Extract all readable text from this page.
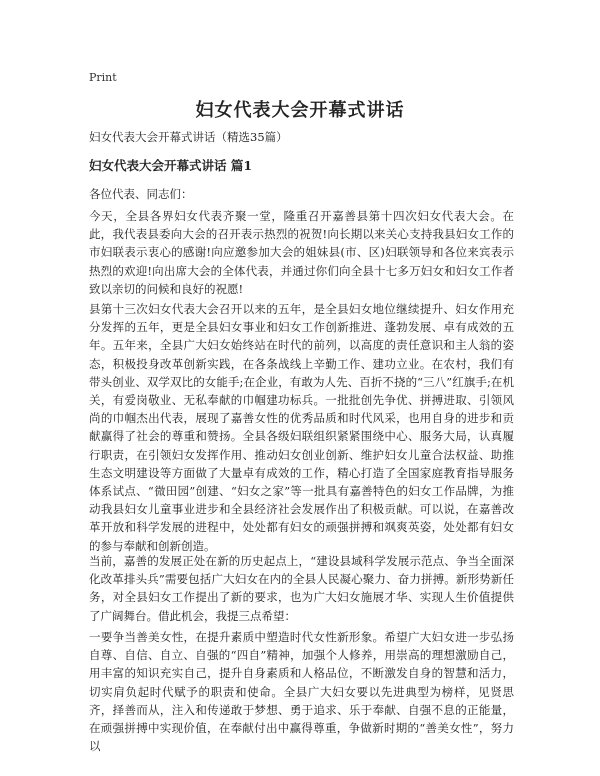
Print
妇女代表大会开幕式讲话
妇女代表大会开幕式讲话（精选35篇）
妇女代表大会开幕式讲话 篇1
各位代表、同志们：

今天，全县各界妇女代表齐聚一堂，隆重召开嘉善县第十四次妇女代表大会。在此，我代表县委向大会的召开表示热烈的祝贺!向长期以来关心支持我县妇女工作的市妇联表示衷心的感谢!向应邀参加大会的姐妹县(市、区)妇联领导和各位来宾表示热烈的欢迎!向出席大会的全体代表，并通过你们向全县十七多万妇女和妇女工作者致以亲切的问候和良好的祝愿!

县第十三次妇女代表大会召开以来的五年，是全县妇女地位继续提升、妇女作用充分发挥的五年，更是全县妇女事业和妇女工作创新推进、蓬勃发展、卓有成效的五年。五年来，全县广大妇女始终站在时代的前列，以高度的责任意识和主人翁的姿态，积极投身改革创新实践，在各条战线上辛勤工作、建功立业。在农村，我们有带头创业、双学双比的女能手;在企业，有敢为人先、百折不挠的“三八”红旗手;在机关，有爱岗敬业、无私奉献的巾帼建功标兵。一批批创先争优、拼搏进取、引领风尚的巾帼杰出代表，展现了嘉善女性的优秀品质和时代风采，也用自身的进步和贡献赢得了社会的尊重和赞扬。全县各级妇联组织紧紧围绕中心、服务大局，认真履行职责，在引领妇女发挥作用、推动妇女创业创新、维护妇女儿童合法权益、助推生态文明建设等方面做了大量卓有成效的工作，精心打造了全国家庭教育指导服务体系试点、“微田园”创建、“妇女之家”等一批具有嘉善特色的妇女工作品牌，为推动我县妇女儿童事业进步和全县经济社会发展作出了积极贡献。可以说，在嘉善改革开放和科学发展的进程中，处处都有妇女的顽强拼搏和飒爽英姿，处处都有妇女的参与奉献和创新创造。

当前，嘉善的发展正处在新的历史起点上，“建设县域科学发展示范点、争当全面深化改革排头兵”需要包括广大妇女在内的全县人民凝心聚力、奋力拼搏。新形势新任务，对全县妇女工作提出了新的要求，也为广大妇女施展才华、实现人生价值提供了广阔舞台。借此机会，我提三点希望：

一要争当善美女性，在提升素质中塑造时代女性新形象。希望广大妇女进一步弘扬自尊、自信、自立、自强的“四自”精神，加强个人修养，用崇高的理想激励自己，用丰富的知识充实自己，提升自身素质和人格品位，不断激发自身的智慧和活力，切实肩负起时代赋予的职责和使命。全县广大妇女要以先进典型为榜样，见贤思齐，择善而从，注入和传递敢于梦想、勇于追求、乐于奉献、自强不息的正能量，在顽强拼搏中实现价值，在奉献付出中赢得尊重，争做新时期的“善美女性”，努力以
